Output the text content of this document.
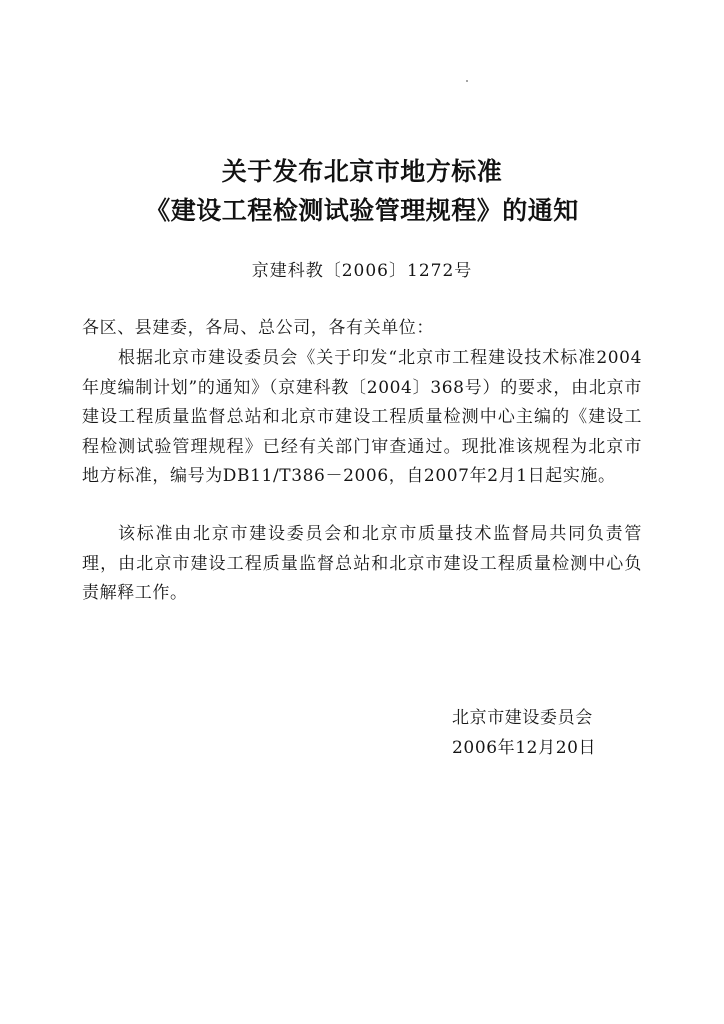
关于发布北京市地方标准
《建设工程检测试验管理规程》的通知
京建科教〔2006〕1272号
各区、县建委，各局、总公司，各有关单位：
根据北京市建设委员会《关于印发“北京市工程建设技术标准2004年度编制计划”的通知》（京建科教〔2004〕368号）的要求，由北京市建设工程质量监督总站和北京市建设工程质量检测中心主编的《建设工程检测试验管理规程》已经有关部门审查通过。现批准该规程为北京市地方标准，编号为DB11/T386－2006，自2007年2月1日起实施。
该标准由北京市建设委员会和北京市质量技术监督局共同负责管理，由北京市建设工程质量监督总站和北京市建设工程质量检测中心负责解释工作。
北京市建设委员会
2006年12月20日
